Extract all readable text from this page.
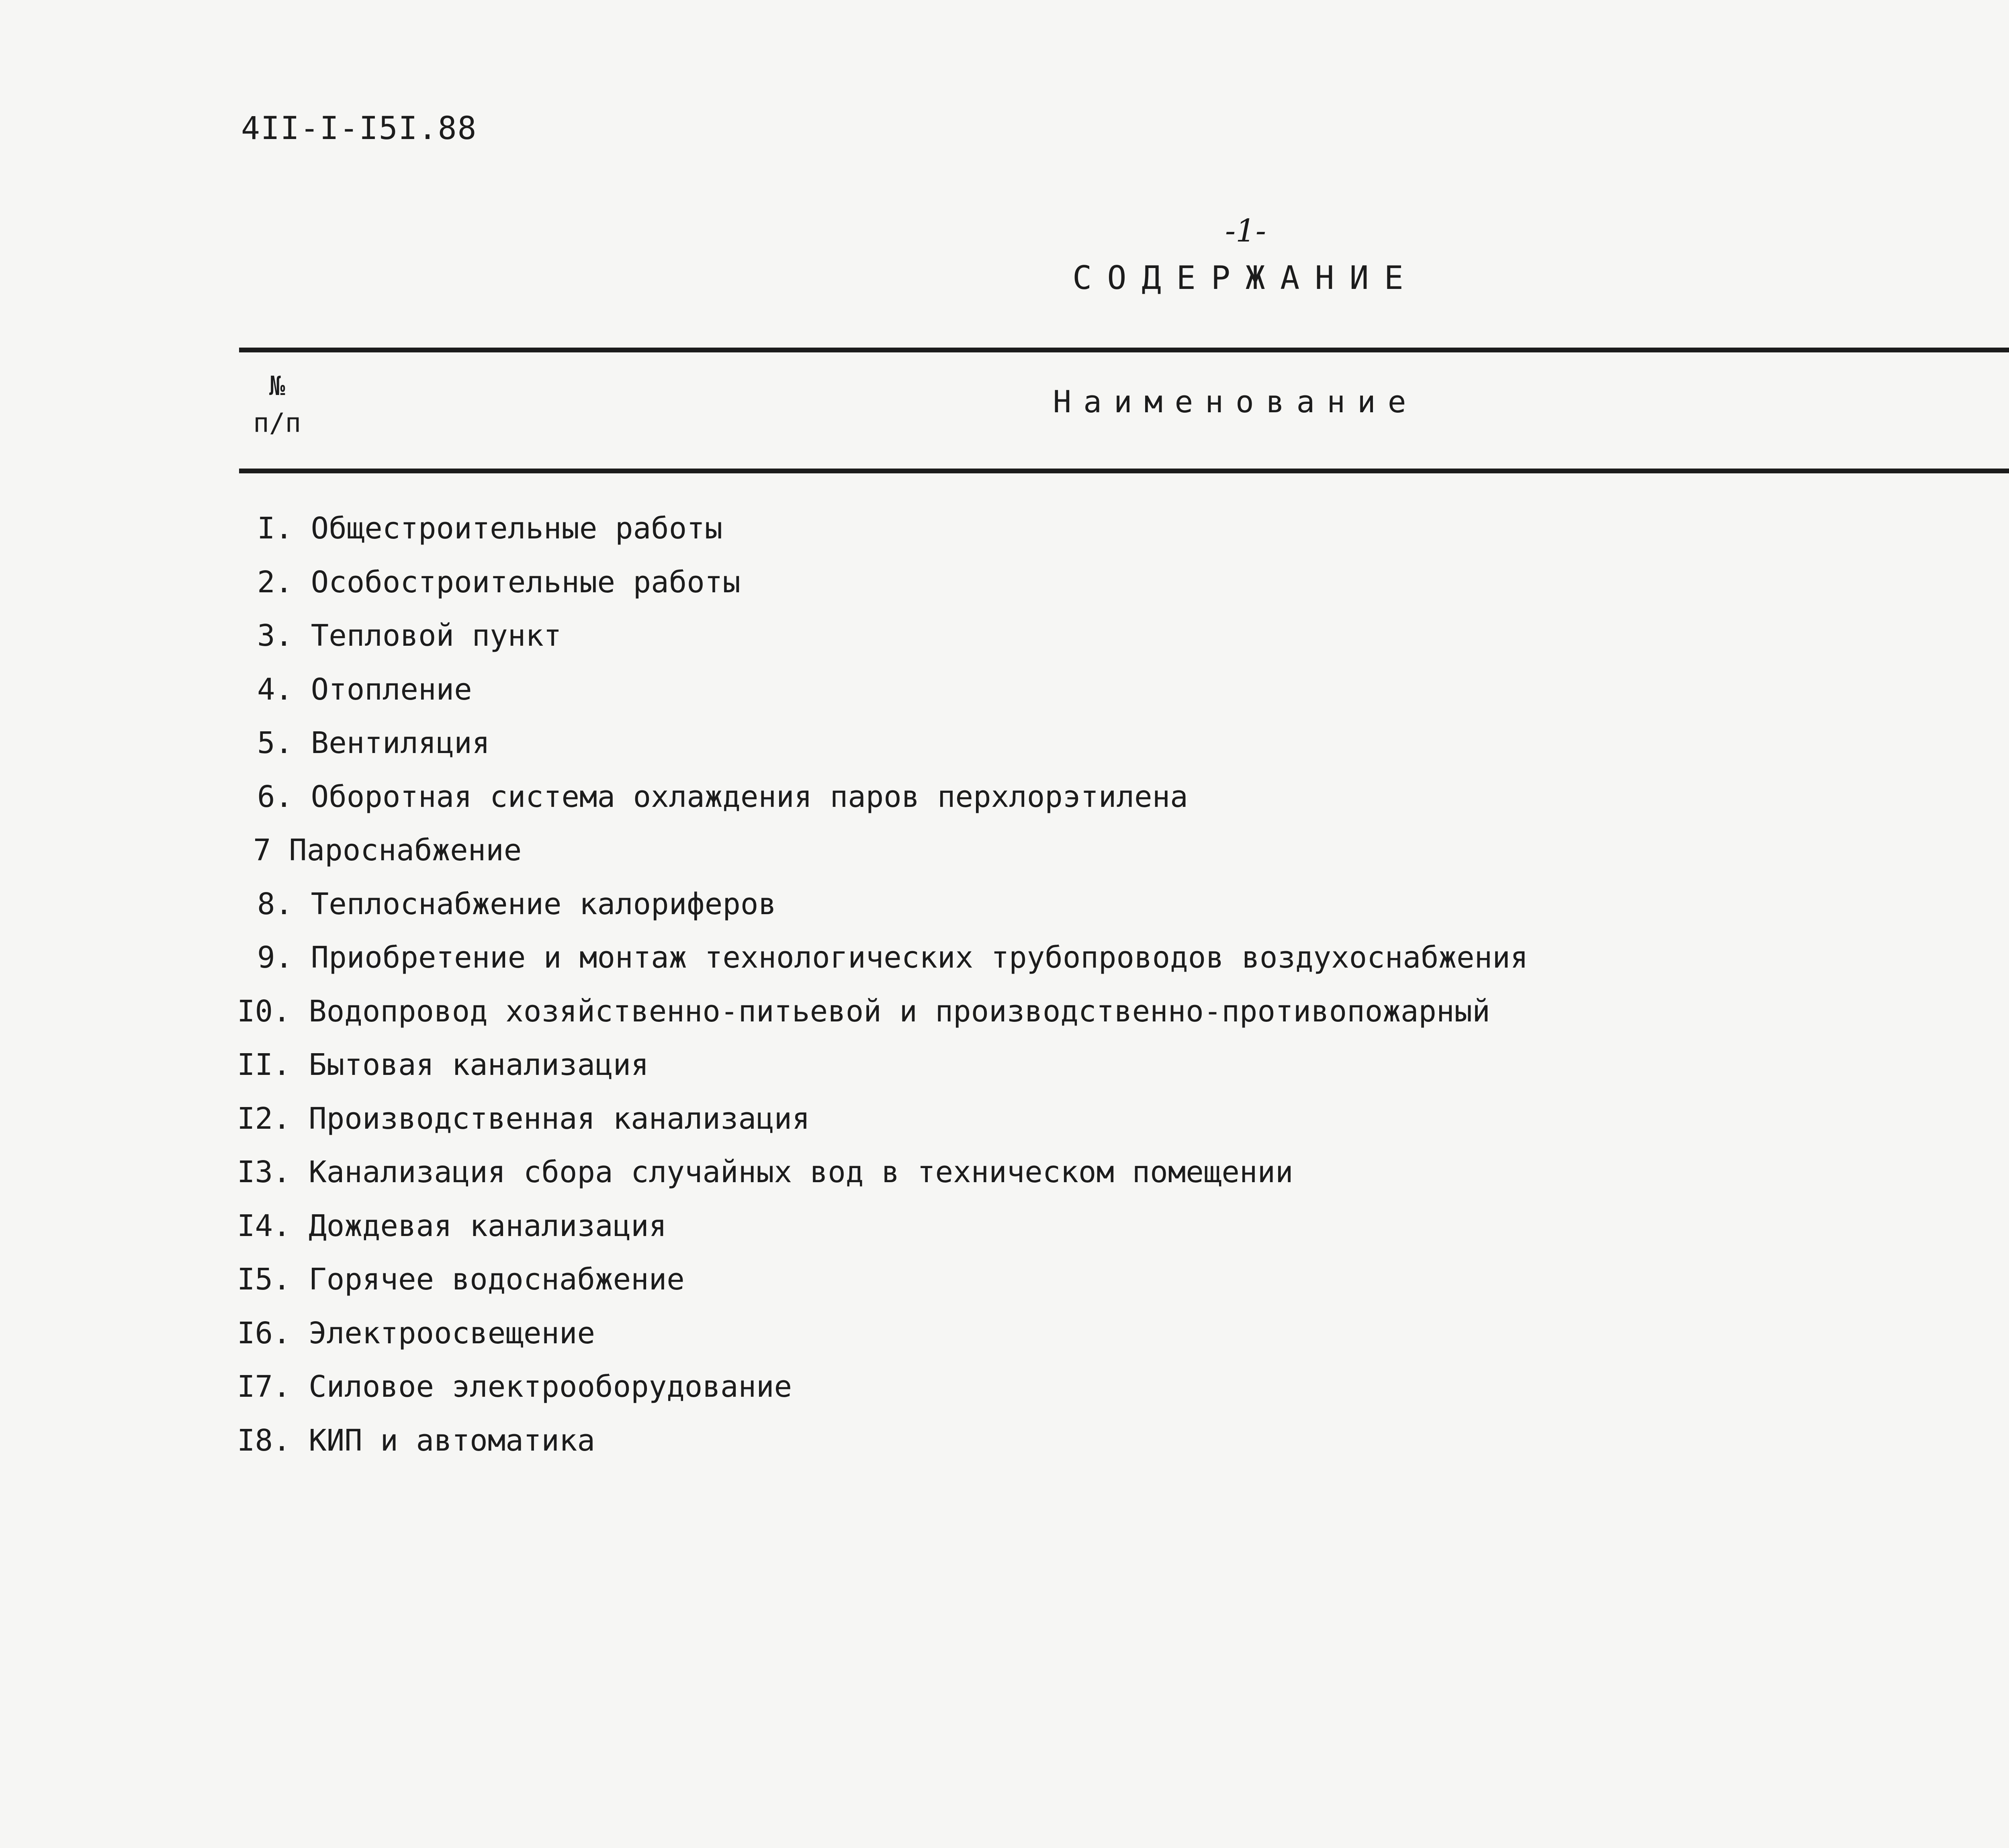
4II-I-I5I.88
-1-
СОДЕРЖАНИЕ
№
п/п
Наименование
I. Общестроительные работы
2. Особостроительные работы
3. Тепловой пункт
4. Отопление
5. Вентиляция
6. Оборотная система охлаждения паров перхлорэтилена
7 Пароснабжение
8. Теплоснабжение калориферов
9. Приобретение и монтаж технологических трубопроводов воздухоснабжения
I0. Водопровод хозяйственно-питьевой и производственно-противопожарный
II. Бытовая канализация
I2. Производственная канализация
I3. Канализация сбора случайных вод в техническом помещении
I4. Дождевая канализация
I5. Горячее водоснабжение
I6. Электроосвещение
I7. Силовое электрооборудование
I8. КИП и автоматика
